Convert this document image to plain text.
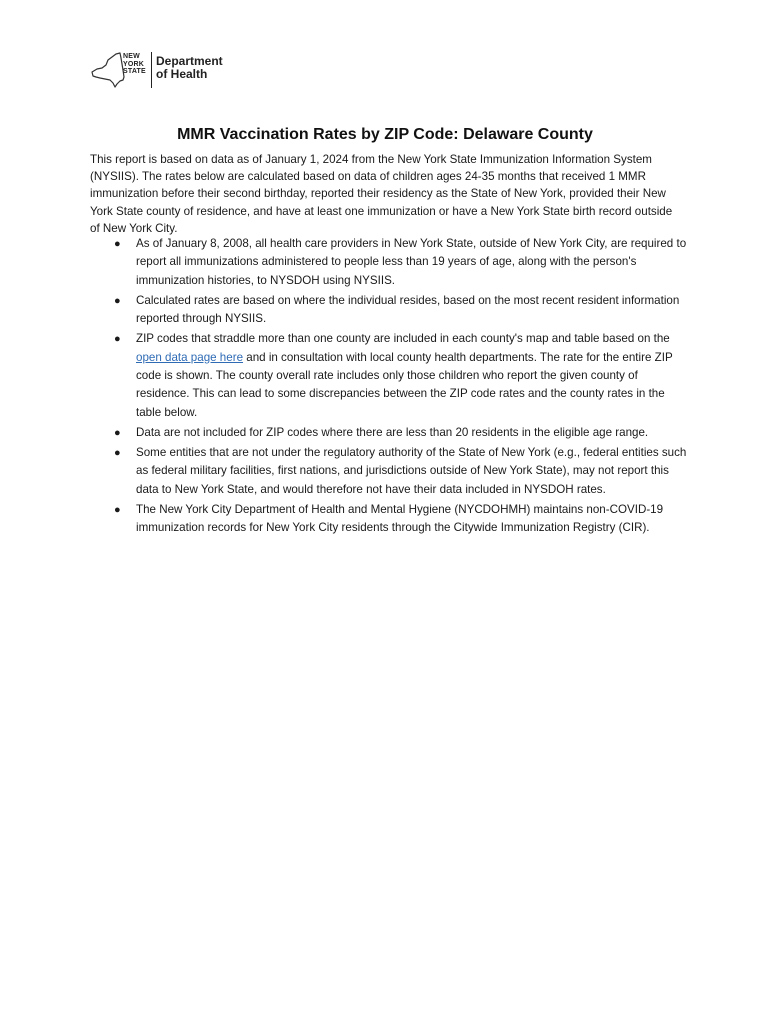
NEW
YORK
STATE
Department
of Health
MMR Vaccination Rates by ZIP Code: Delaware County

This report is based on data as of January 1, 2024 from the New York State Immunization Information System (NYSIIS). The rates below are calculated based on data of children ages 24-35 months that received 1 MMR immunization before their second birthday, reported their residency as the State of New York, provided their New York State county of residence, and have at least one immunization or have a New York State birth record outside of New York City.

● As of January 8, 2008, all health care providers in New York State, outside of New York City, are required to report all immunizations administered to people less than 19 years of age, along with the person's immunization histories, to NYSDOH using NYSIIS.
● Calculated rates are based on where the individual resides, based on the most recent resident information reported through NYSIIS.
● ZIP codes that straddle more than one county are included in each county's map and table based on the open data page here and in consultation with local county health departments. The rate for the entire ZIP code is shown. The county overall rate includes only those children who report the given county of residence. This can lead to some discrepancies between the ZIP code rates and the county rates in the table below.
● Data are not included for ZIP codes where there are less than 20 residents in the eligible age range.
● Some entities that are not under the regulatory authority of the State of New York (e.g., federal entities such as federal military facilities, first nations, and jurisdictions outside of New York State), may not report this data to New York State, and would therefore not have their data included in NYSDOH rates.
● The New York City Department of Health and Mental Hygiene (NYCDOHMH) maintains non-COVID-19 immunization records for New York City residents through the Citywide Immunization Registry (CIR).
